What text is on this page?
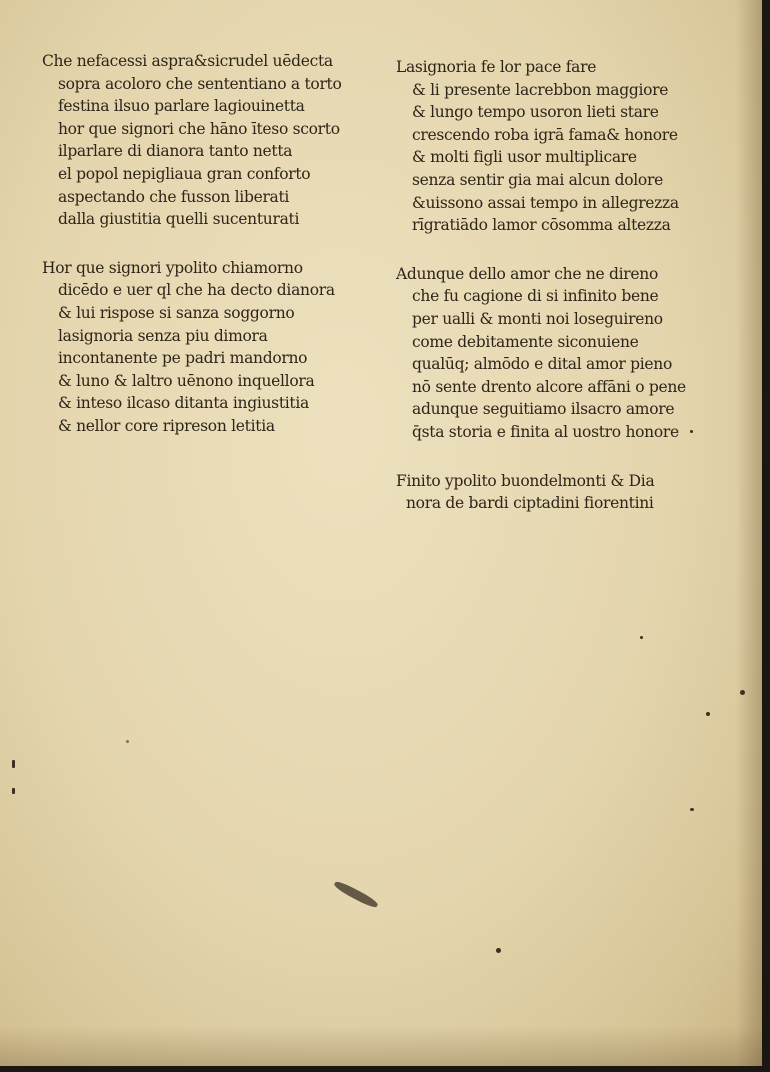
Che nefacessi aspra&sicrudel uēdecta
sopra acoloro che sententiano a torto
festina ilsuo parlare lagiouinetta
hor que signori che hāno īteso scorto
ilparlare di dianora tanto netta
el popol nepigliaua gran conforto
aspectando che fusson liberati
dalla giustitia quelli sucenturati
Hor que signori ypolito chiamorno
dicēdo e uer ql che ha decto dianora
& lui rispose si sanza soggorno
lasignoria senza piu dimora
incontanente pe padri mandorno
& luno & laltro uēnono inquellora
& inteso ilcaso ditanta ingiustitia
& nellor core ripreson letitia
Lasignoria fe lor pace fare
& li presente lacrebbon maggiore
& lungo tempo usoron lieti stare
crescendo roba igrā fama& honore
& molti figli usor multiplicare
senza sentir gia mai alcun dolore
&uissono assai tempo in allegrezza
rīgratiādo lamor cōsomma altezza
Adunque dello amor che ne direno
che fu cagione di si infinito bene
per ualli & monti noi loseguireno
come debitamente siconuiene
qualūq; almōdo e dital amor pieno
nō sente drento alcore affāni o pene
adunque seguitiamo ilsacro amore
q̄sta storia e finita al uostro honore
Finito ypolito buondelmonti & Dia
nora de bardi ciptadini fiorentini
